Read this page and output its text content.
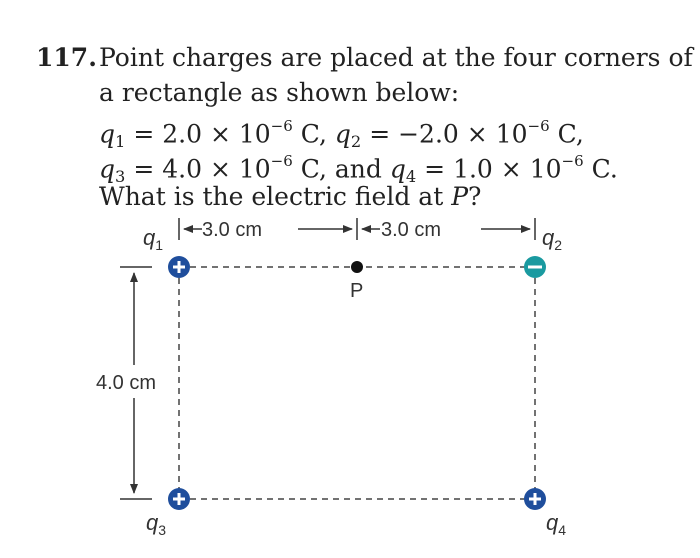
117. Point charges are placed at the four corners of
a rectangle as shown below:
$q_1 = 2.0 \times 10^{-6}$ C, $q_2 = -2.0 \times 10^{-6}$ C,
$q_3 = 4.0 \times 10^{-6}$ C, and $q_4 = 1.0 \times 10^{-6}$ C.
What is the electric field at P?
3.0 cm	3.0 cm
4.0 cm
P
$q_1$	$q_2$
$q_3$	$q_4$
